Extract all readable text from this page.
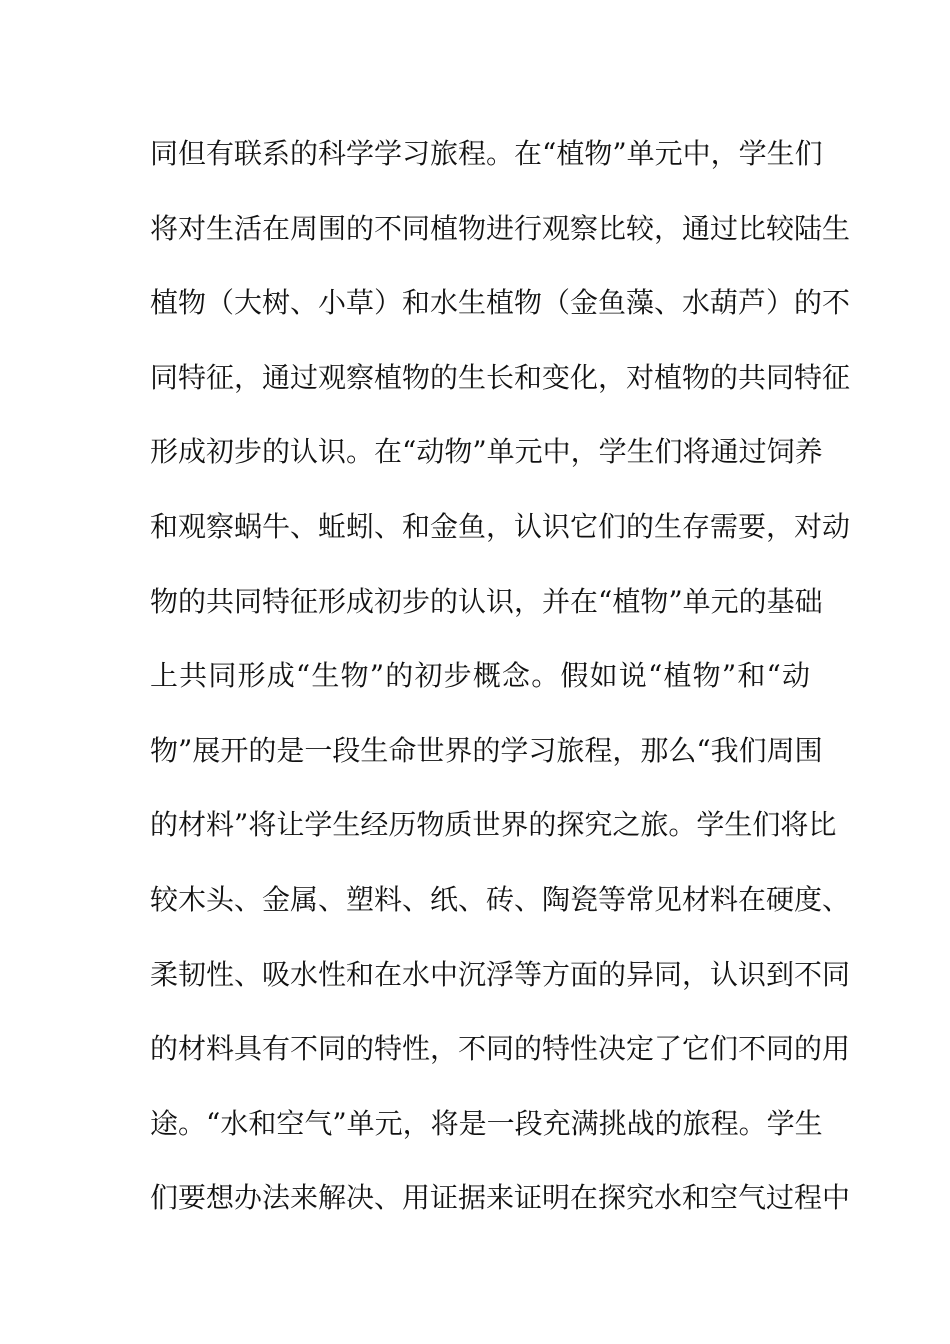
同但有联系的科学学习旅程。在“植物”单元中，学生们
将对生活在周围的不同植物进行观察比较，通过比较陆生
植物（大树、小草）和水生植物（金鱼藻、水葫芦）的不
同特征，通过观察植物的生长和变化，对植物的共同特征
形成初步的认识。在“动物”单元中，学生们将通过饲养
和观察蜗牛、蚯蚓、和金鱼，认识它们的生存需要，对动
物的共同特征形成初步的认识，并在“植物”单元的基础
上共同形成“生物”的初步概念。假如说“植物”和“动
物”展开的是一段生命世界的学习旅程，那么“我们周围
的材料”将让学生经历物质世界的探究之旅。学生们将比
较木头、金属、塑料、纸、砖、陶瓷等常见材料在硬度、
柔韧性、吸水性和在水中沉浮等方面的异同，认识到不同
的材料具有不同的特性，不同的特性决定了它们不同的用
途。“水和空气”单元，将是一段充满挑战的旅程。学生
们要想办法来解决、用证据来证明在探究水和空气过程中
